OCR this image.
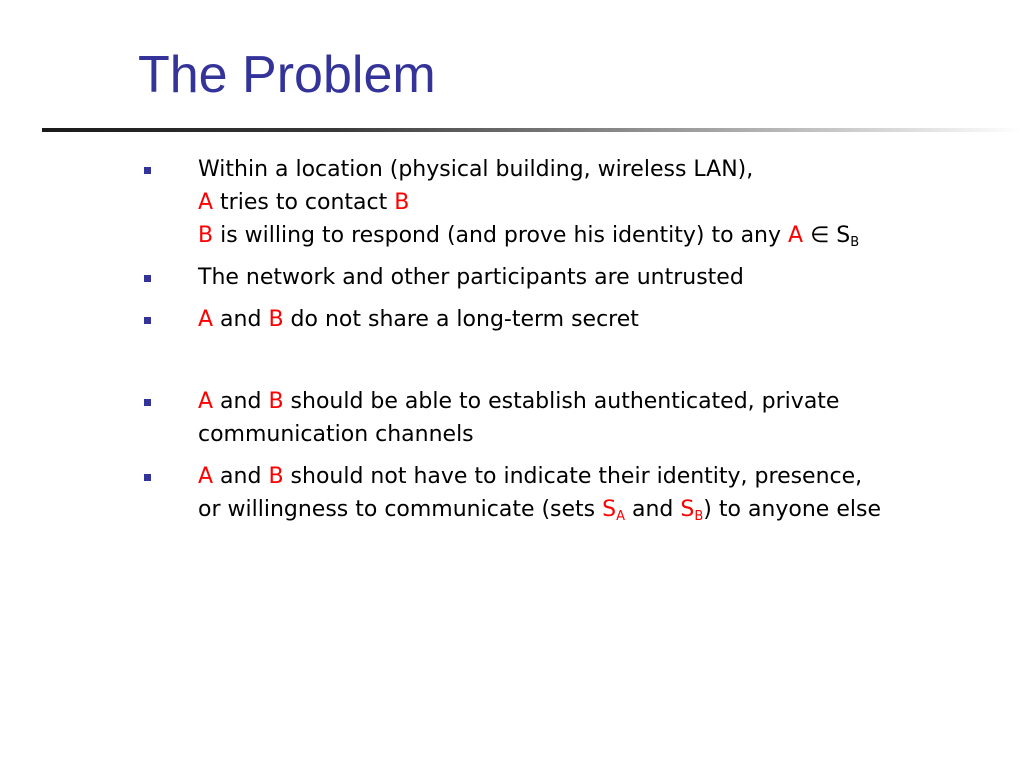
The Problem
Within a location (physical building, wireless LAN),
A tries to contact B
B is willing to respond (and prove his identity) to any A ∈ $S_B$
The network and other participants are untrusted
A and B do not share a long-term secret
A and B should be able to establish authenticated, private
communication channels
A and B should not have to indicate their identity, presence,
or willingness to communicate (sets $S_A$ and $S_B$) to anyone else
